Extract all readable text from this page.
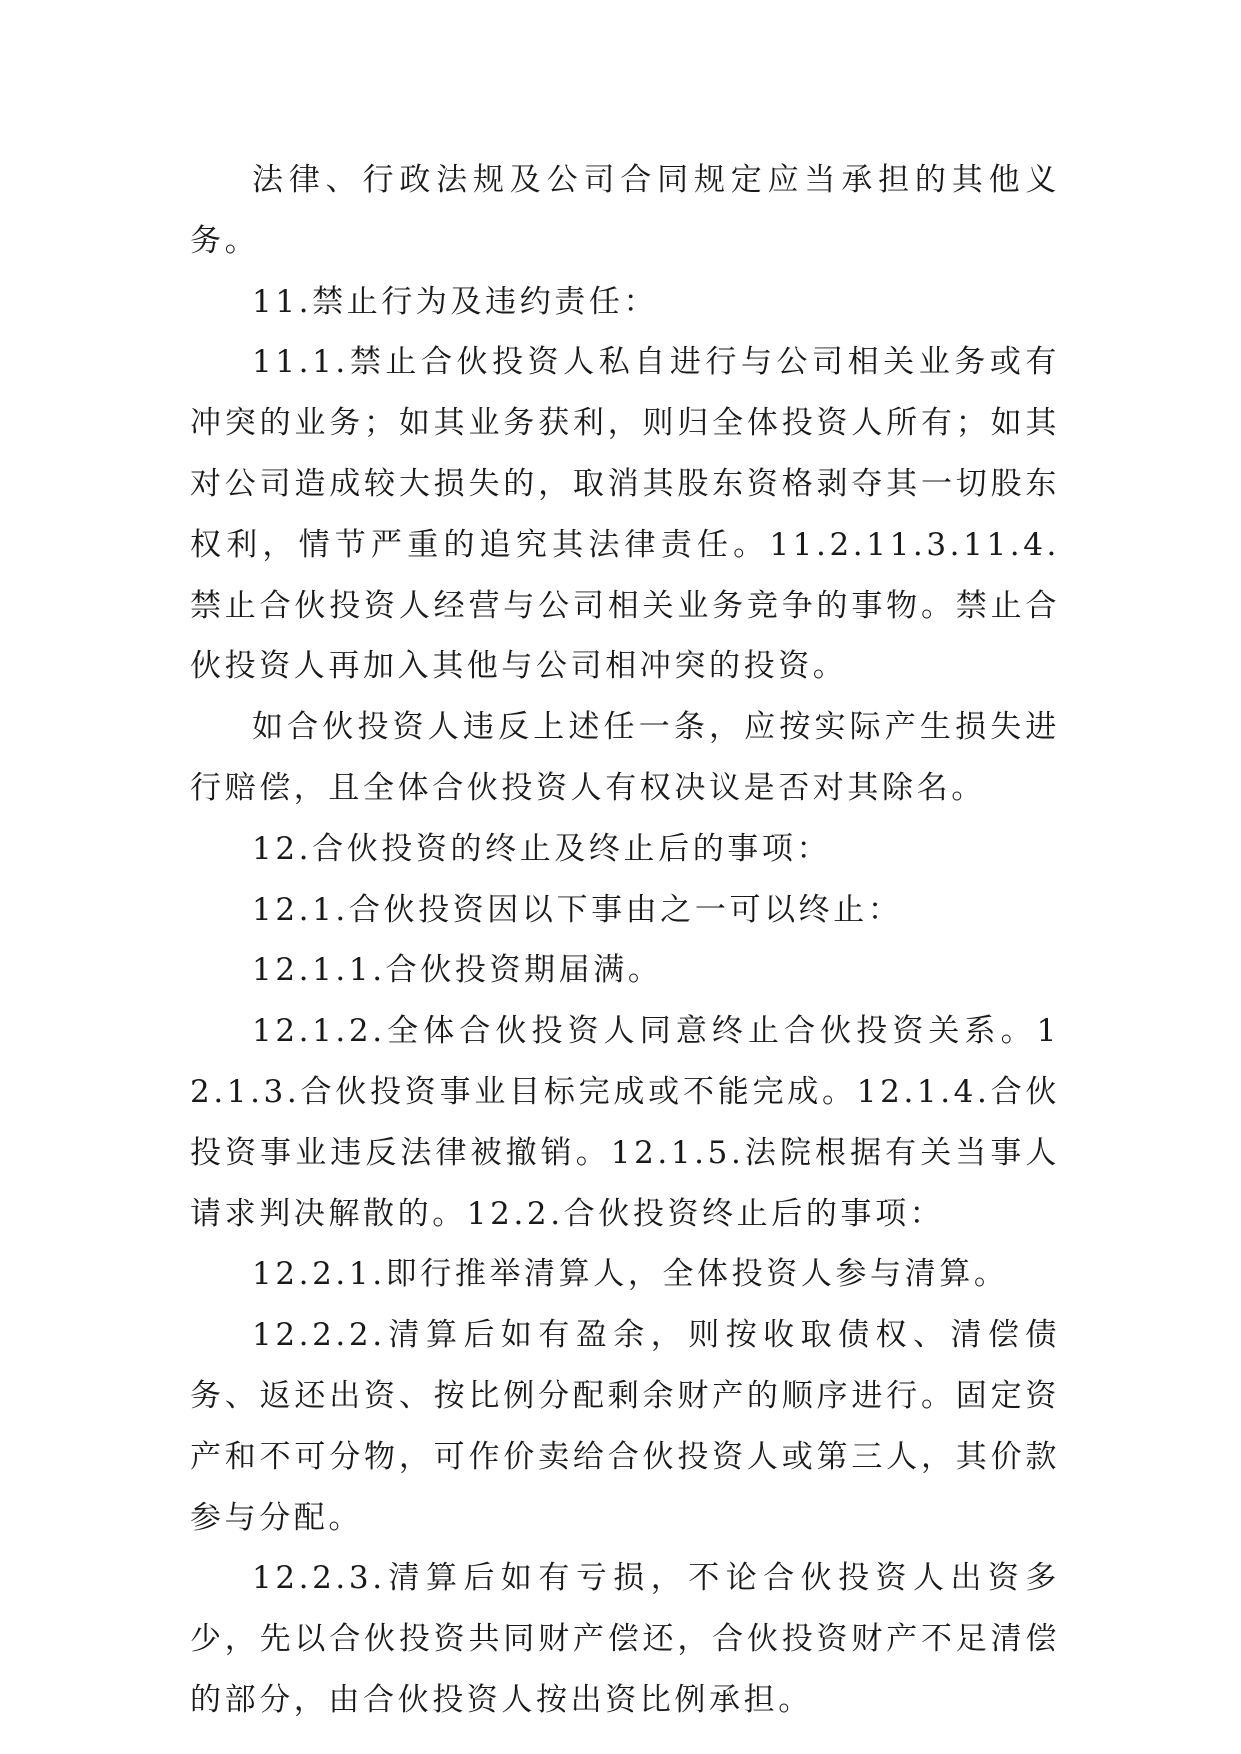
法律、行政法规及公司合同规定应当承担的其他义务。

11.禁止行为及违约责任：

11.1.禁止合伙投资人私自进行与公司相关业务或有冲突的业务；如其业务获利，则归全体投资人所有；如其对公司造成较大损失的，取消其股东资格剥夺其一切股东权利，情节严重的追究其法律责任。11.2.11.3.11.4.禁止合伙投资人经营与公司相关业务竞争的事物。禁止合伙投资人再加入其他与公司相冲突的投资。

如合伙投资人违反上述任一条，应按实际产生损失进行赔偿，且全体合伙投资人有权决议是否对其除名。

12.合伙投资的终止及终止后的事项：

12.1.合伙投资因以下事由之一可以终止：

12.1.1.合伙投资期届满。

12.1.2.全体合伙投资人同意终止合伙投资关系。12.1.3.合伙投资事业目标完成或不能完成。12.1.4.合伙投资事业违反法律被撤销。12.1.5.法院根据有关当事人请求判决解散的。12.2.合伙投资终止后的事项：

12.2.1.即行推举清算人，全体投资人参与清算。

12.2.2.清算后如有盈余，则按收取债权、清偿债务、返还出资、按比例分配剩余财产的顺序进行。固定资产和不可分物，可作价卖给合伙投资人或第三人，其价款参与分配。

12.2.3.清算后如有亏损，不论合伙投资人出资多少，先以合伙投资共同财产偿还，合伙投资财产不足清偿的部分，由合伙投资人按出资比例承担。
